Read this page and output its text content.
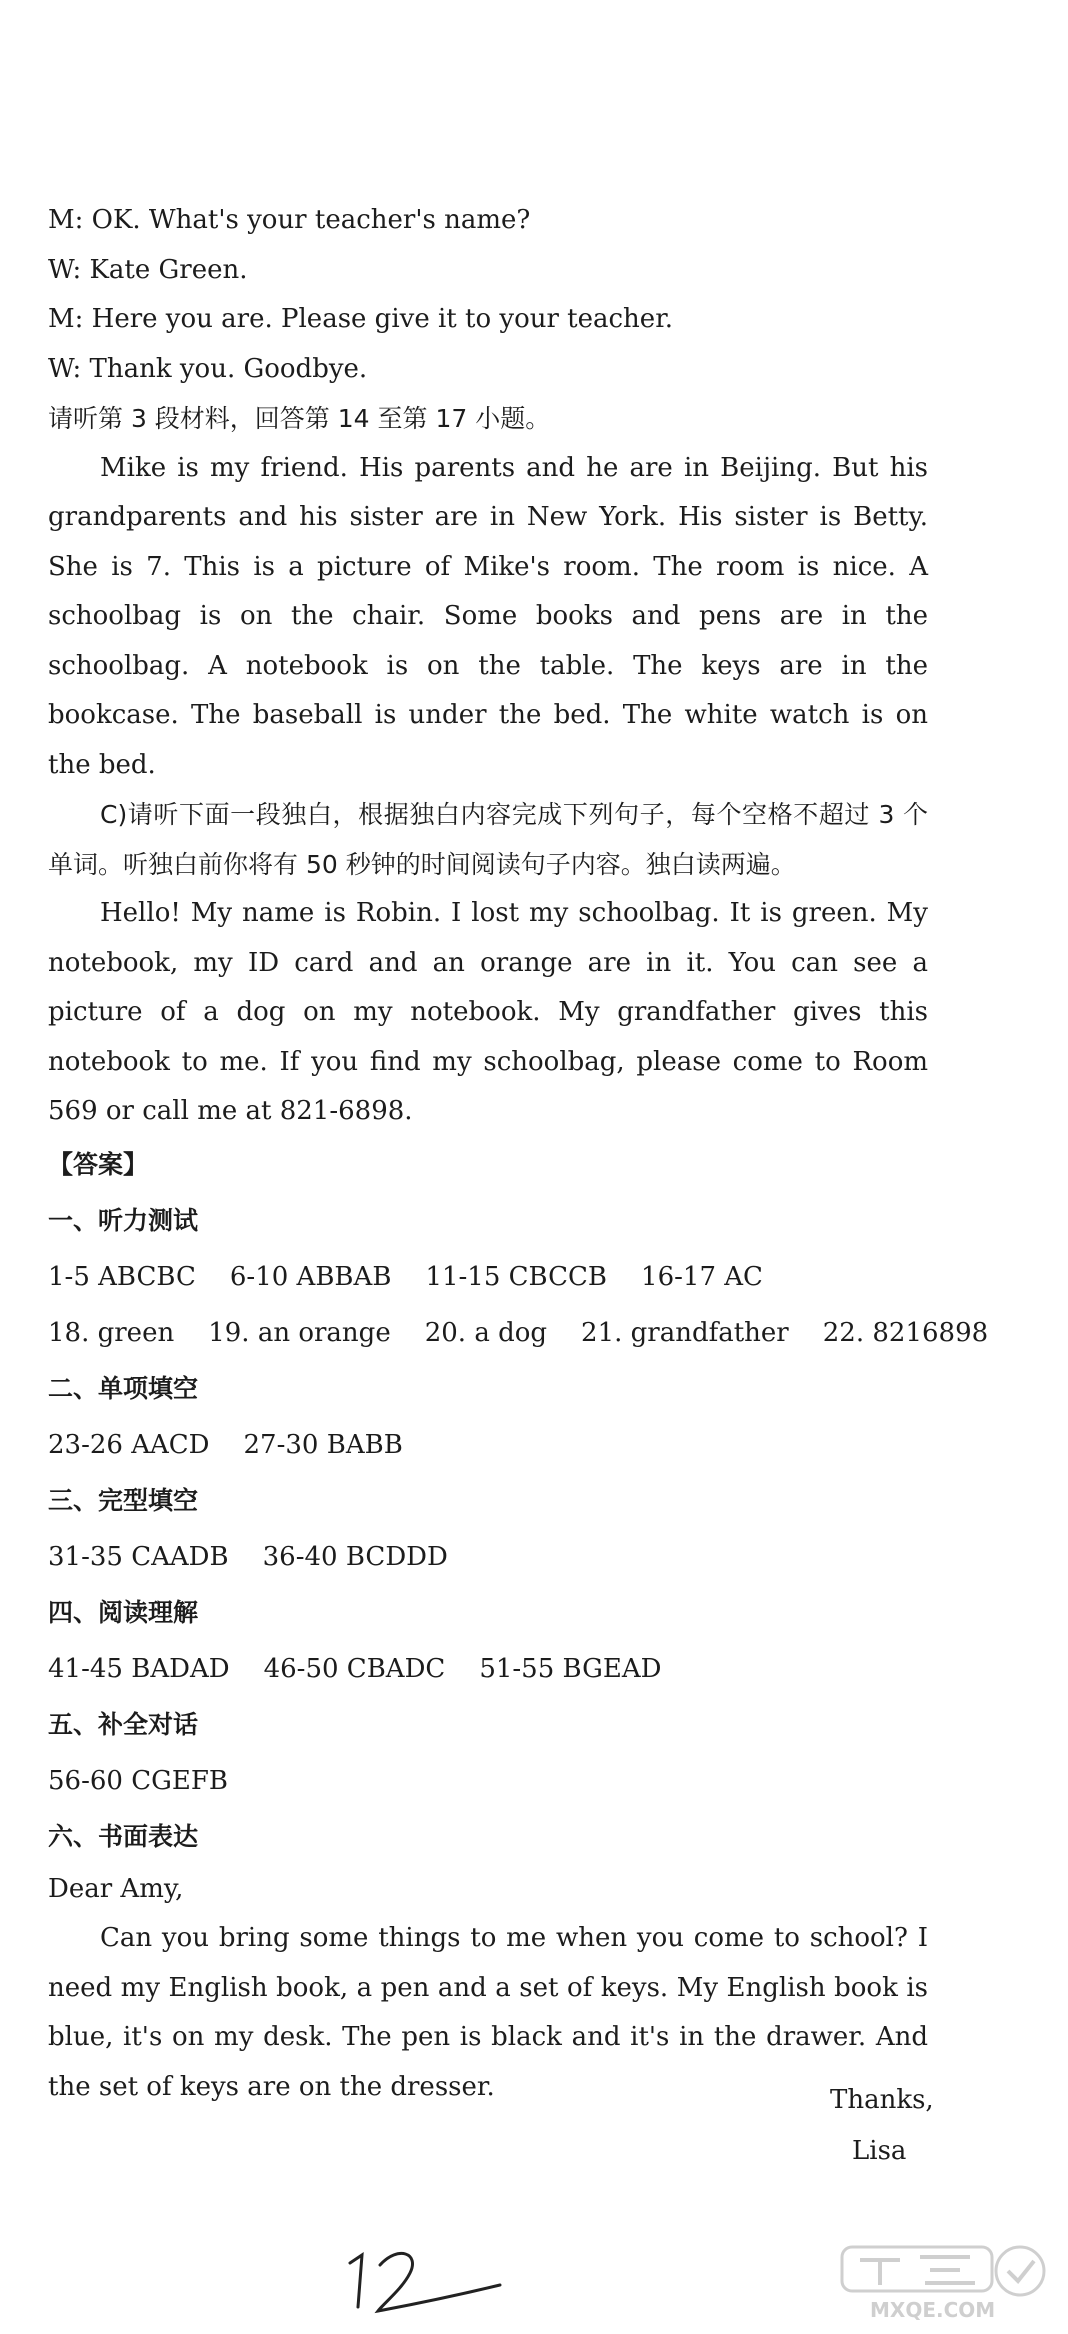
M: OK. What's your teacher's name?
W: Kate Green.
M: Here you are. Please give it to your teacher.
W: Thank you. Goodbye.
请听第 3 段材料，回答第 14 至第 17 小题。
Mike is my friend. His parents and he are in Beijing. But his grandparents and his sister are in New York. His sister is Betty. She is 7. This is a picture of Mike's room. The room is nice. A schoolbag is on the chair. Some books and pens are in the schoolbag. A notebook is on the table. The keys are in the bookcase. The baseball is under the bed. The white watch is on the bed.
C)请听下面一段独白，根据独白内容完成下列句子，每个空格不超过 3 个单词。听独白前你将有 50 秒钟的时间阅读句子内容。独白读两遍。
Hello! My name is Robin. I lost my schoolbag. It is green. My notebook, my ID card and an orange are in it. You can see a picture of a dog on my notebook. My grandfather gives this notebook to me. If you find my schoolbag, please come to Room 569 or call me at 821-6898.
【答案】
一、听力测试
1-5 ABCBC 6-10 ABBAB 11-15 CBCCB 16-17 AC
18. green 19. an orange 20. a dog 21. grandfather 22. 8216898
二、单项填空
23-26 AACD 27-30 BABB
三、完型填空
31-35 CAADB 36-40 BCDDD
四、阅读理解
41-45 BADAD 46-50 CBADC 51-55 BGEAD
五、补全对话
56-60 CGEFB
六、书面表达
Dear Amy,
Can you bring some things to me when you come to school? I need my English book, a pen and a set of keys. My English book is blue, it's on my desk. The pen is black and it's in the drawer. And the set of keys are on the dresser.	Thanks,
Lisa
MXQE.COM
